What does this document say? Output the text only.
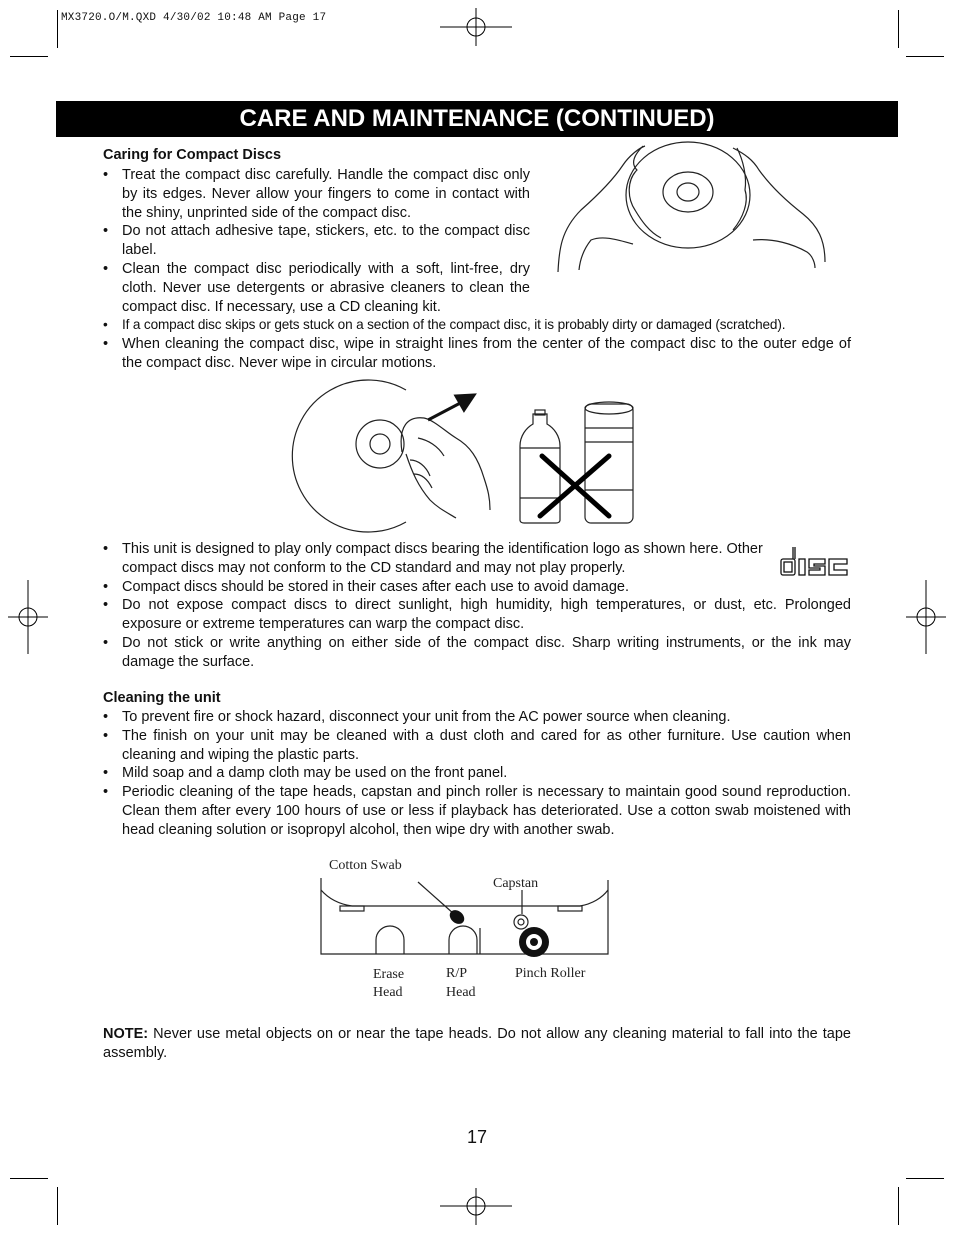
MX3720.O/M.QXD 4/30/02 10:48 AM Page 17
CARE AND MAINTENANCE (CONTINUED)
Caring for Compact Discs
• Treat the compact disc carefully. Handle the compact disc only by its edges. Never allow your fingers to come in contact with the shiny, unprinted side of the compact disc.
• Do not attach adhesive tape, stickers, etc. to the compact disc label.
• Clean the compact disc periodically with a soft, lint-free, dry cloth. Never use detergents or abrasive cleaners to clean the compact disc. If necessary, use a CD cleaning kit.
• If a compact disc skips or gets stuck on a section of the compact disc, it is probably dirty or damaged (scratched).
• When cleaning the compact disc, wipe in straight lines from the center of the compact disc to the outer edge of the compact disc. Never wipe in circular motions.
• This unit is designed to play only compact discs bearing the identification logo as shown here. Other compact discs may not conform to the CD standard and may not play properly.
• Compact discs should be stored in their cases after each use to avoid damage.
• Do not expose compact discs to direct sunlight, high humidity, high temperatures, or dust, etc. Prolonged exposure or extreme temperatures can warp the compact disc.
• Do not stick or write anything on either side of the compact disc. Sharp writing instruments, or the ink may damage the surface.
Cleaning the unit
• To prevent fire or shock hazard, disconnect your unit from the AC power source when cleaning.
• The finish on your unit may be cleaned with a dust cloth and cared for as other furniture. Use caution when cleaning and wiping the plastic parts.
• Mild soap and a damp cloth may be used on the front panel.
• Periodic cleaning of the tape heads, capstan and pinch roller is necessary to maintain good sound reproduction. Clean them after every 100 hours of use or less if playback has deteriorated. Use a cotton swab moistened with head cleaning solution or isopropyl alcohol, then wipe dry with another swab.
Cotton Swab
Capstan
Erase
Head
R/P
Head
Pinch Roller
NOTE: Never use metal objects on or near the tape heads. Do not allow any cleaning material to fall into the tape assembly.
17
